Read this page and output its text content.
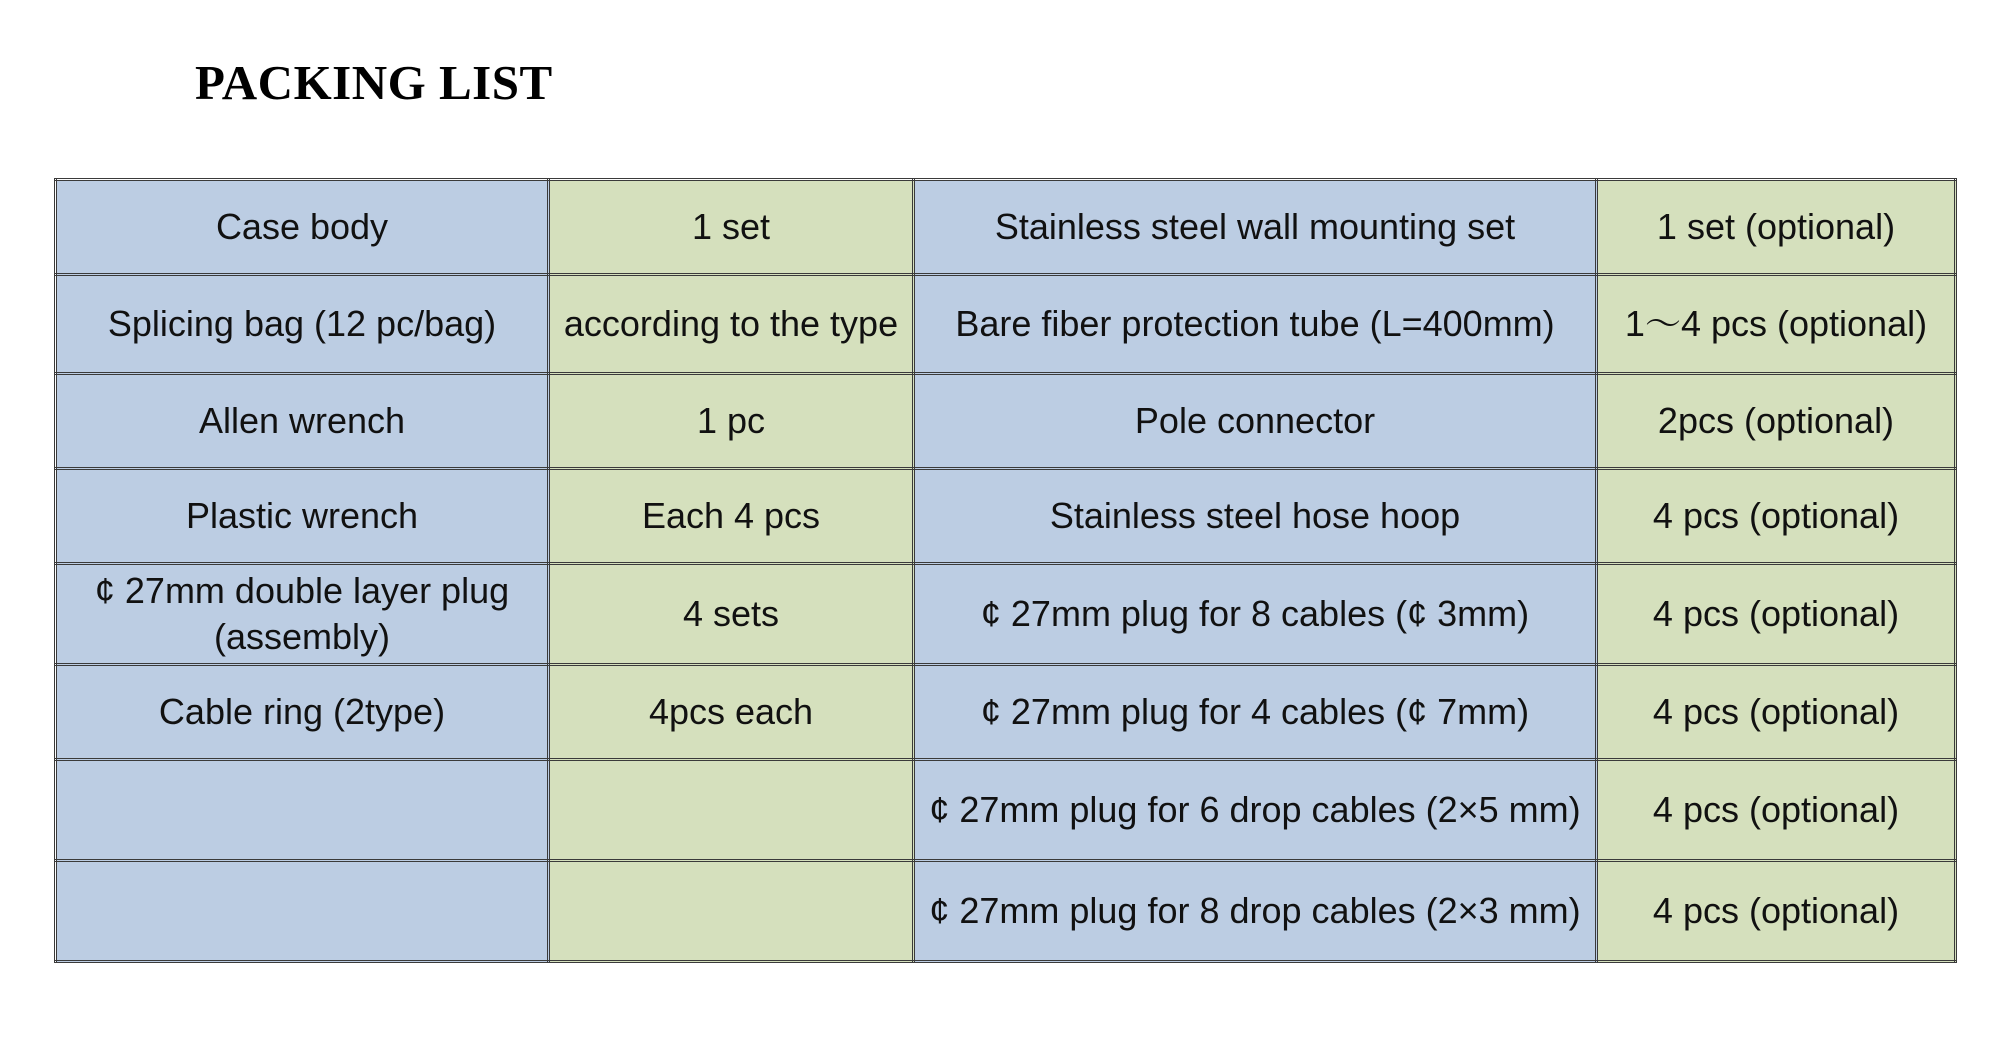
PACKING LIST
Case body	1 set	Stainless steel wall mounting set	1 set (optional)
Splicing bag (12 pc/bag)	according to the type	Bare fiber protection tube (L=400mm)	1～4 pcs (optional)
Allen wrench	1 pc	Pole connector	2pcs (optional)
Plastic wrench	Each 4 pcs	Stainless steel hose hoop	4 pcs (optional)
¢ 27mm double layer plug (assembly)	4 sets	¢ 27mm plug for 8 cables (¢ 3mm)	4 pcs (optional)
Cable ring (2type)	4pcs each	¢ 27mm plug for 4 cables (¢ 7mm)	4 pcs (optional)
		¢ 27mm plug for 6 drop cables (2×5 mm)	4 pcs (optional)
		¢ 27mm plug for 8 drop cables (2×3 mm)	4 pcs (optional)
